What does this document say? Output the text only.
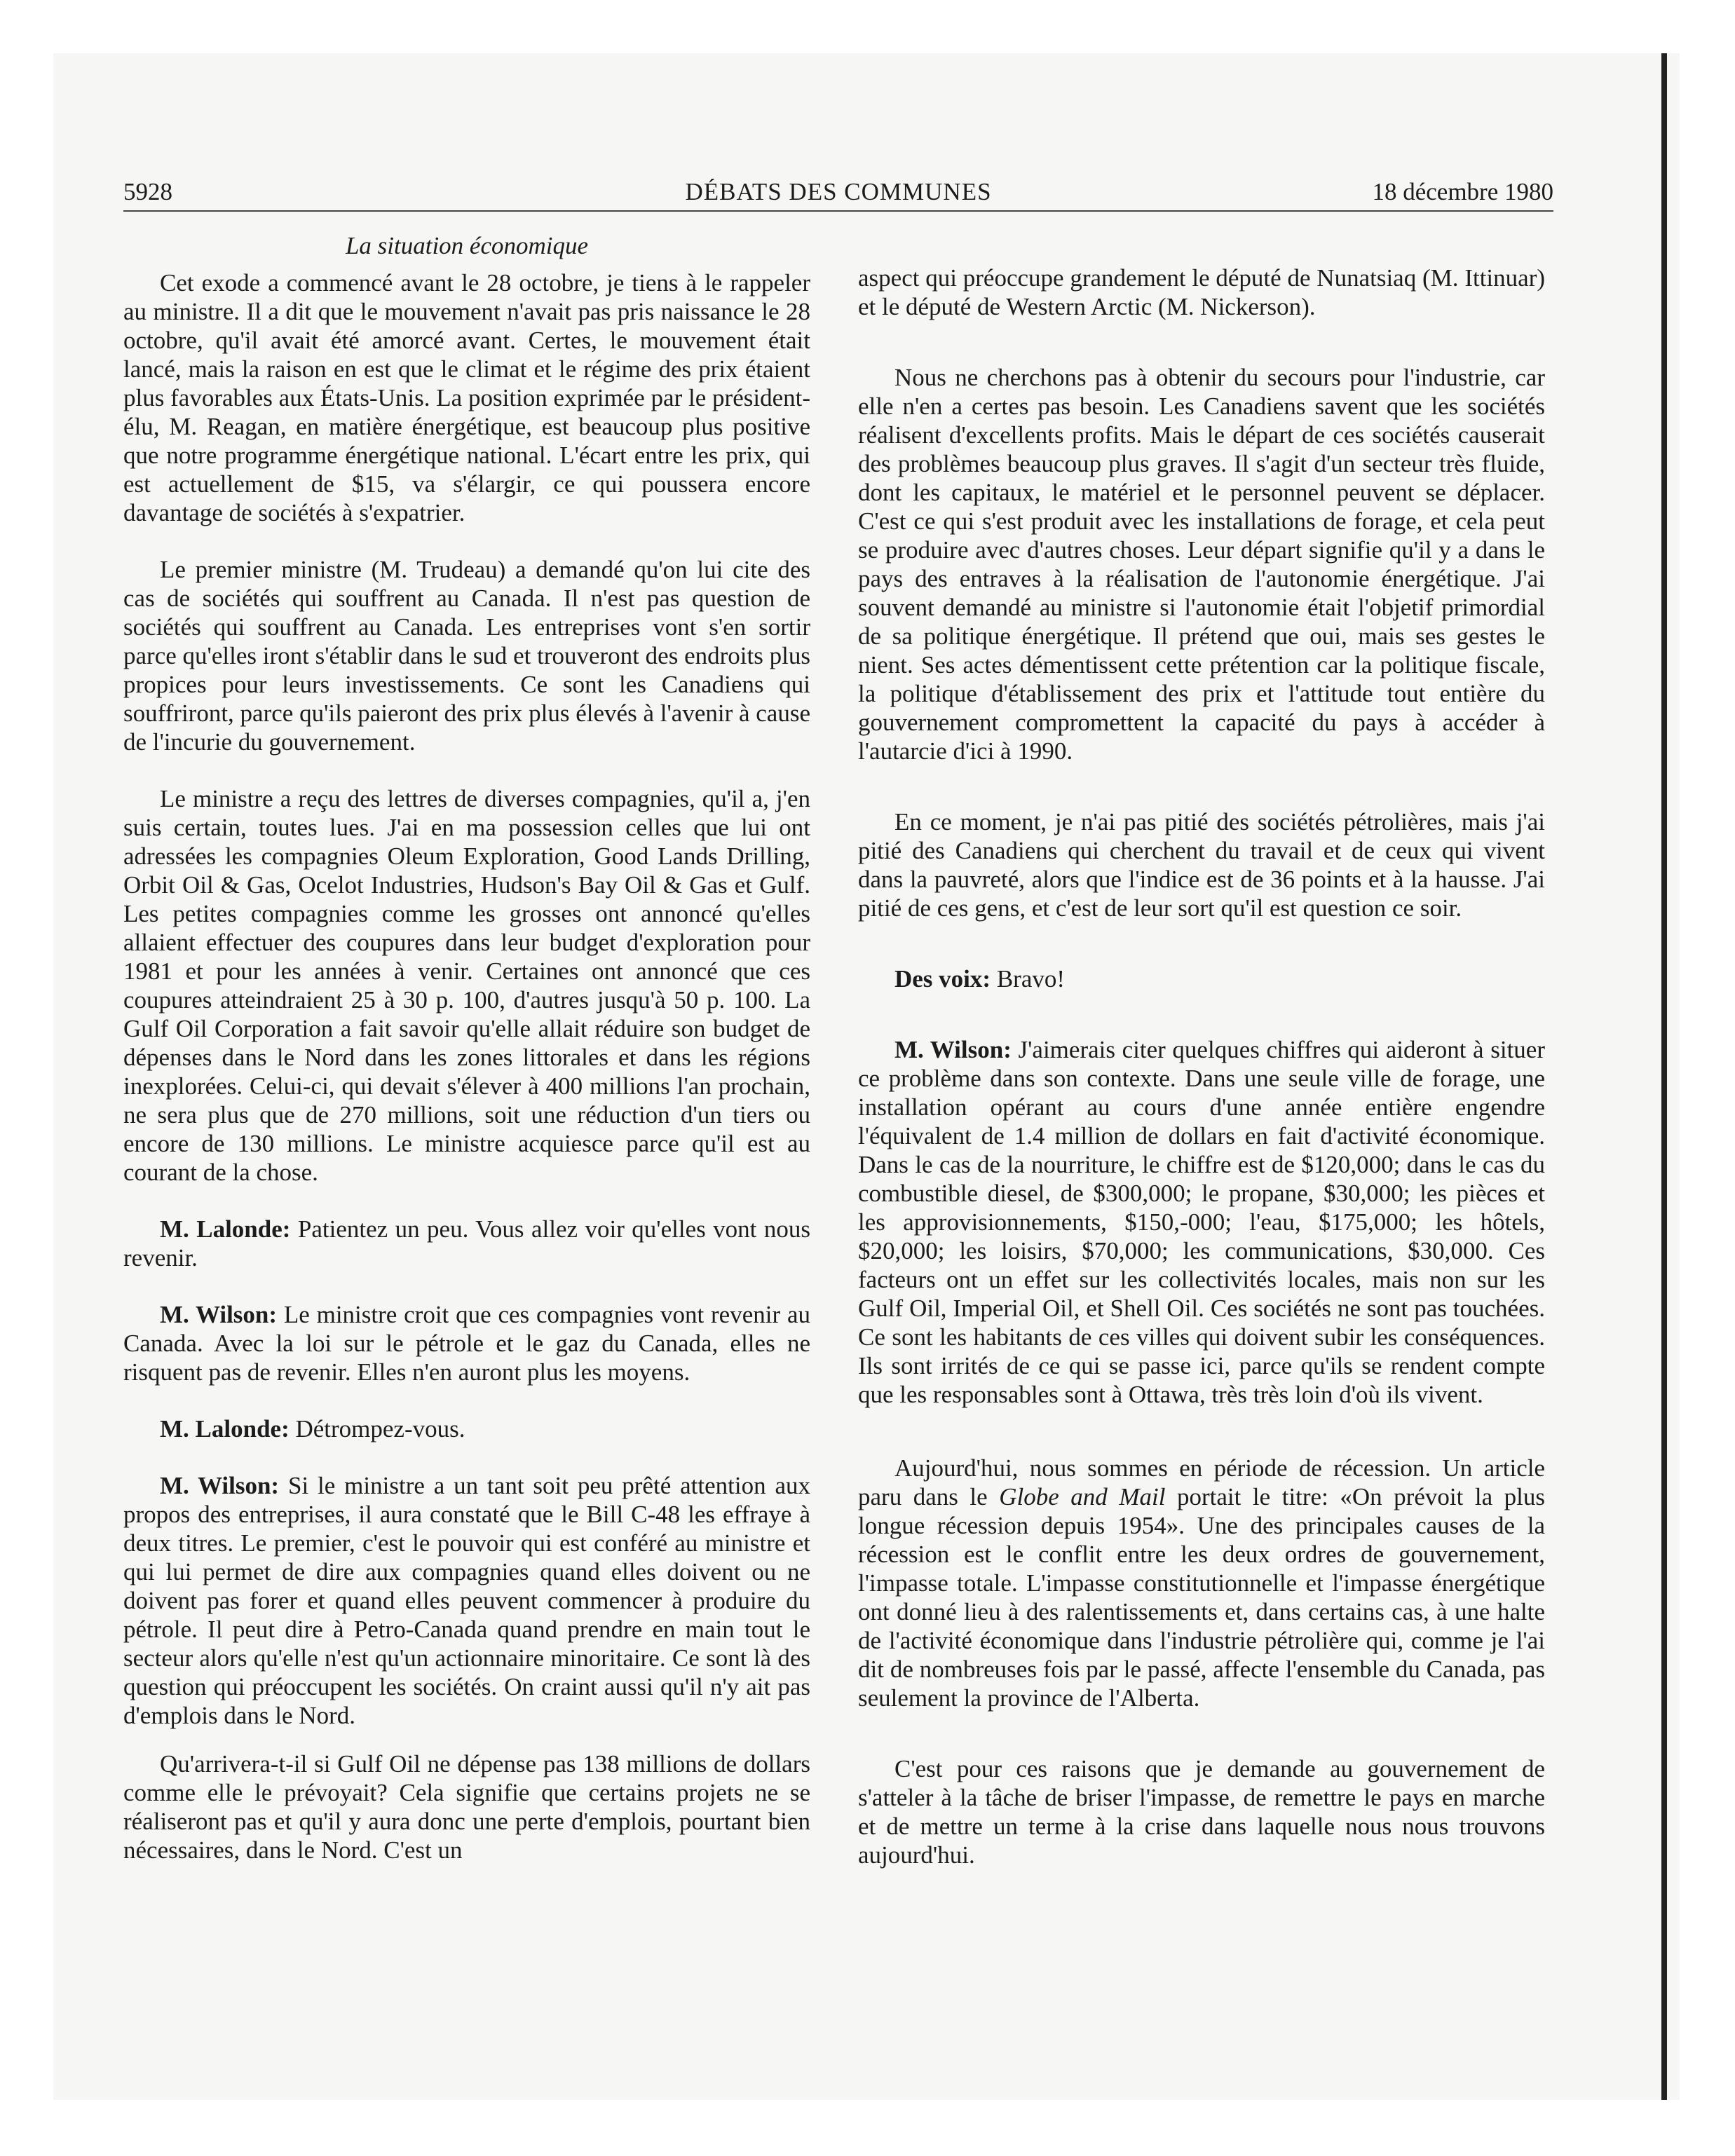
5928	DÉBATS DES COMMUNES	18 décembre 1980
La situation économique

Cet exode a commencé avant le 28 octobre, je tiens à le rappeler au ministre. Il a dit que le mouvement n'avait pas pris naissance le 28 octobre, qu'il avait été amorcé avant. Certes, le mouvement était lancé, mais la raison en est que le climat et le régime des prix étaient plus favorables aux États-Unis. La position exprimée par le président-élu, M. Reagan, en matière énergétique, est beaucoup plus positive que notre programme énergétique national. L'écart entre les prix, qui est actuellement de $15, va s'élargir, ce qui poussera encore davantage de sociétés à s'expatrier.

Le premier ministre (M. Trudeau) a demandé qu'on lui cite des cas de sociétés qui souffrent au Canada. Il n'est pas question de sociétés qui souffrent au Canada. Les entreprises vont s'en sortir parce qu'elles iront s'établir dans le sud et trouveront des endroits plus propices pour leurs investissements. Ce sont les Canadiens qui souffriront, parce qu'ils paieront des prix plus élevés à l'avenir à cause de l'incurie du gouvernement.

Le ministre a reçu des lettres de diverses compagnies, qu'il a, j'en suis certain, toutes lues. J'ai en ma possession celles que lui ont adressées les compagnies Oleum Exploration, Good Lands Drilling, Orbit Oil & Gas, Ocelot Industries, Hudson's Bay Oil & Gas et Gulf. Les petites compagnies comme les grosses ont annoncé qu'elles allaient effectuer des coupures dans leur budget d'exploration pour 1981 et pour les années à venir. Certaines ont annoncé que ces coupures atteindraient 25 à 30 p. 100, d'autres jusqu'à 50 p. 100. La Gulf Oil Corporation a fait savoir qu'elle allait réduire son budget de dépenses dans le Nord dans les zones littorales et dans les régions inexplorées. Celui-ci, qui devait s'élever à 400 millions l'an prochain, ne sera plus que de 270 millions, soit une réduction d'un tiers ou encore de 130 millions. Le ministre acquiesce parce qu'il est au courant de la chose.

M. Lalonde: Patientez un peu. Vous allez voir qu'elles vont nous revenir.

M. Wilson: Le ministre croit que ces compagnies vont revenir au Canada. Avec la loi sur le pétrole et le gaz du Canada, elles ne risquent pas de revenir. Elles n'en auront plus les moyens.

M. Lalonde: Détrompez-vous.

M. Wilson: Si le ministre a un tant soit peu prêté attention aux propos des entreprises, il aura constaté que le Bill C-48 les effraye à deux titres. Le premier, c'est le pouvoir qui est conféré au ministre et qui lui permet de dire aux compagnies quand elles doivent ou ne doivent pas forer et quand elles peuvent commencer à produire du pétrole. Il peut dire à Petro-Canada quand prendre en main tout le secteur alors qu'elle n'est qu'un actionnaire minoritaire. Ce sont là des question qui préoccupent les sociétés. On craint aussi qu'il n'y ait pas d'emplois dans le Nord.

Qu'arrivera-t-il si Gulf Oil ne dépense pas 138 millions de dollars comme elle le prévoyait? Cela signifie que certains projets ne se réaliseront pas et qu'il y aura donc une perte d'emplois, pourtant bien nécessaires, dans le Nord. C'est un

aspect qui préoccupe grandement le député de Nunatsiaq (M. Ittinuar) et le député de Western Arctic (M. Nickerson).

Nous ne cherchons pas à obtenir du secours pour l'industrie, car elle n'en a certes pas besoin. Les Canadiens savent que les sociétés réalisent d'excellents profits. Mais le départ de ces sociétés causerait des problèmes beaucoup plus graves. Il s'agit d'un secteur très fluide, dont les capitaux, le matériel et le personnel peuvent se déplacer. C'est ce qui s'est produit avec les installations de forage, et cela peut se produire avec d'autres choses. Leur départ signifie qu'il y a dans le pays des entraves à la réalisation de l'autonomie énergétique. J'ai souvent demandé au ministre si l'autonomie était l'objetif primordial de sa politique énergétique. Il prétend que oui, mais ses gestes le nient. Ses actes démentissent cette prétention car la politique fiscale, la politique d'établissement des prix et l'attitude tout entière du gouvernement compromettent la capacité du pays à accéder à l'autarcie d'ici à 1990.

En ce moment, je n'ai pas pitié des sociétés pétrolières, mais j'ai pitié des Canadiens qui cherchent du travail et de ceux qui vivent dans la pauvreté, alors que l'indice est de 36 points et à la hausse. J'ai pitié de ces gens, et c'est de leur sort qu'il est question ce soir.

Des voix: Bravo!

M. Wilson: J'aimerais citer quelques chiffres qui aideront à situer ce problème dans son contexte. Dans une seule ville de forage, une installation opérant au cours d'une année entière engendre l'équivalent de 1.4 million de dollars en fait d'activité économique. Dans le cas de la nourriture, le chiffre est de $120,000; dans le cas du combustible diesel, de $300,000; le propane, $30,000; les pièces et les approvisionnements, $150,-000; l'eau, $175,000; les hôtels, $20,000; les loisirs, $70,000; les communications, $30,000. Ces facteurs ont un effet sur les collectivités locales, mais non sur les Gulf Oil, Imperial Oil, et Shell Oil. Ces sociétés ne sont pas touchées. Ce sont les habitants de ces villes qui doivent subir les conséquences. Ils sont irrités de ce qui se passe ici, parce qu'ils se rendent compte que les responsables sont à Ottawa, très très loin d'où ils vivent.

Aujourd'hui, nous sommes en période de récession. Un article paru dans le Globe and Mail portait le titre: «On prévoit la plus longue récession depuis 1954». Une des principales causes de la récession est le conflit entre les deux ordres de gouvernement, l'impasse totale. L'impasse constitutionnelle et l'impasse énergétique ont donné lieu à des ralentissements et, dans certains cas, à une halte de l'activité économique dans l'industrie pétrolière qui, comme je l'ai dit de nombreuses fois par le passé, affecte l'ensemble du Canada, pas seulement la province de l'Alberta.

C'est pour ces raisons que je demande au gouvernement de s'atteler à la tâche de briser l'impasse, de remettre le pays en marche et de mettre un terme à la crise dans laquelle nous nous trouvons aujourd'hui.
